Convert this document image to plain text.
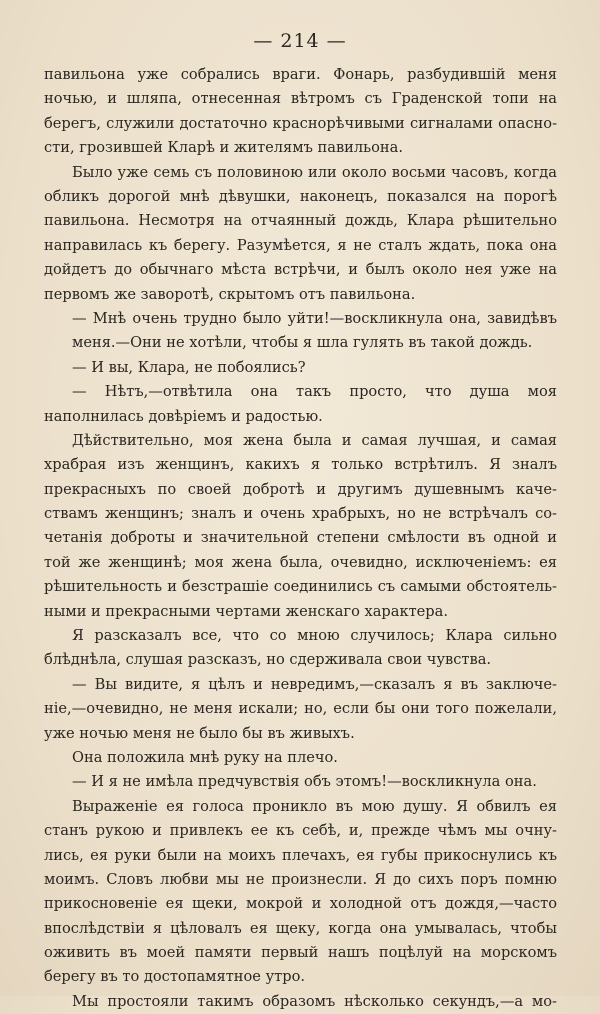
— 214 —
павильона уже собрались враги. Фонарь, разбудившій меня
ночью, и шляпа, отнесенная вѣтромъ съ Граденской топи на
берегъ, служили достаточно краснорѣчивыми сигналами опасно-
сти, грозившей Кларѣ и жителямъ павильона.
Было уже семь съ половиною или около восьми часовъ, когда
обликъ дорогой мнѣ дѣвушки, наконецъ, показался на порогѣ
павильона. Несмотря на отчаянный дождь, Клара рѣшительно
направилась къ берегу. Разумѣется, я не сталъ ждать, пока она
дойдетъ до обычнаго мѣста встрѣчи, и былъ около нея уже на
первомъ же заворотѣ, скрытомъ отъ павильона.
— Мнѣ очень трудно было уйти!—воскликнула она, завидѣвъ меня.—Они не хотѣли, чтобы я шла гулять въ такой дождь.
— И вы, Клара, не побоялись?
— Нѣтъ,—отвѣтила она такъ просто, что душа моя наполнилась довѣріемъ и радостью.
Дѣйствительно, моя жена была и самая лучшая, и самая
храбрая изъ женщинъ, какихъ я только встрѣтилъ. Я зналъ
прекрасныхъ по своей добротѣ и другимъ душевнымъ каче-
ствамъ женщинъ; зналъ и очень храбрыхъ, но не встрѣчалъ со-
четанія доброты и значительной степени смѣлости въ одной и
той же женщинѣ; моя жена была, очевидно, исключеніемъ: ея
рѣшительность и безстрашіе соединились съ самыми обстоятель-
ными и прекрасными чертами женскаго характера.
Я разсказалъ все, что со мною случилось; Клара сильно
блѣднѣла, слушая разсказъ, но сдерживала свои чувства.
— Вы видите, я цѣлъ и невредимъ,—сказалъ я въ заключе-
ніе,—очевидно, не меня искали; но, если бы они того пожелали,
уже ночью меня не было бы въ живыхъ.
Она положила мнѣ руку на плечо.
— И я не имѣла предчувствія объ этомъ!—воскликнула она.
Выраженіе ея голоса проникло въ мою душу. Я обвилъ ея
станъ рукою и привлекъ ее къ себѣ, и, прежде чѣмъ мы очну-
лись, ея руки были на моихъ плечахъ, ея губы прикоснулись къ
моимъ. Словъ любви мы не произнесли. Я до сихъ поръ помню
прикосновеніе ея щеки, мокрой и холодной отъ дождя,—часто
впослѣдствіи я цѣловалъ ея щеку, когда она умывалась, чтобы
оживить въ моей памяти первый нашъ поцѣлуй на морскомъ
берегу въ то достопамятное утро.
Мы простояли такимъ образомъ нѣсколько секундъ,—а мо-
